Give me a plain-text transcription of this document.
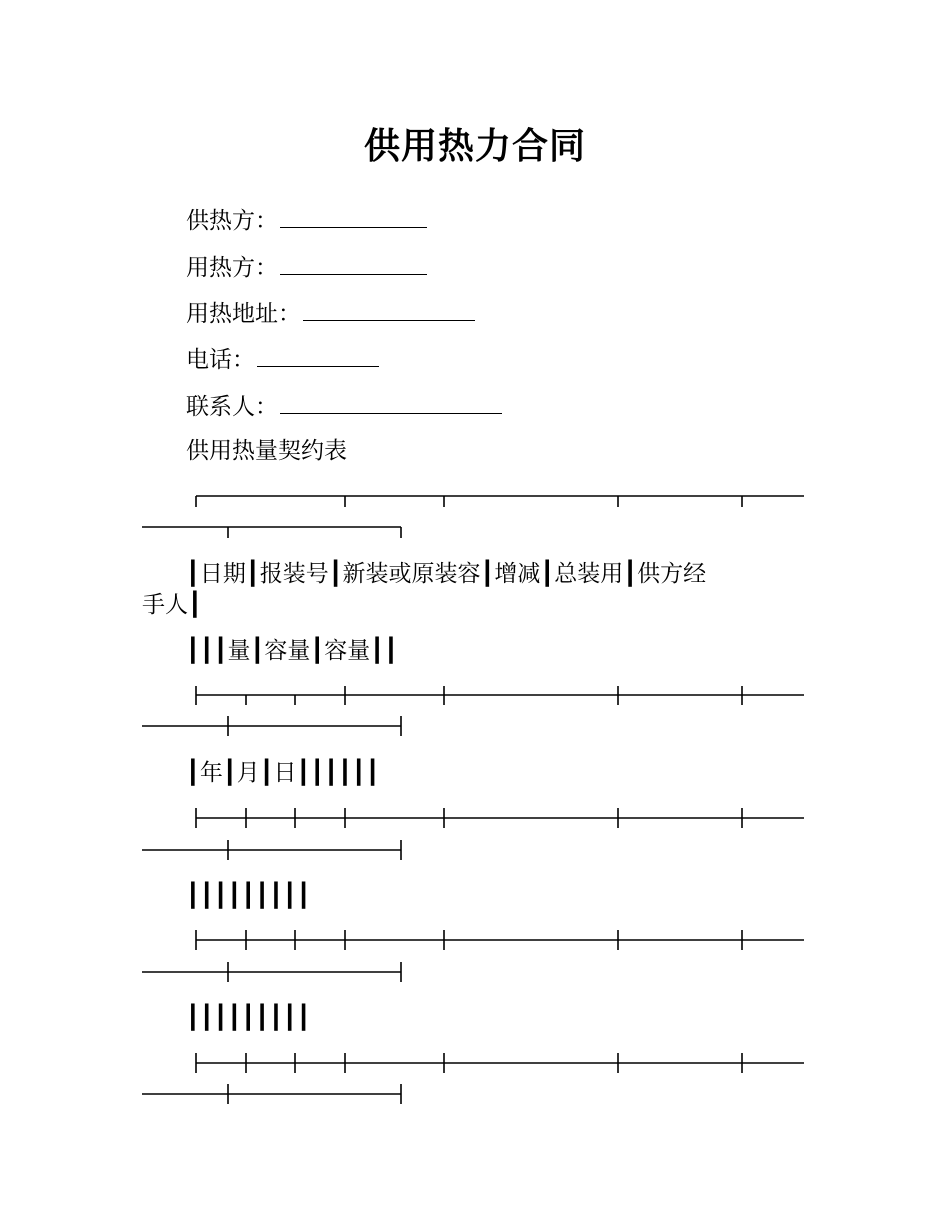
供用热力合同
供热方：
用热方：
用热地址：
电话：
联系人：
供用热量契约表
┃日期┃报装号┃新装或原装容┃增减┃总装用┃供方经
手人┃
┃┃┃量┃容量┃容量┃┃
┃年┃月┃日┃┃┃┃┃┃
┃┃┃┃┃┃┃┃┃
┃┃┃┃┃┃┃┃┃
